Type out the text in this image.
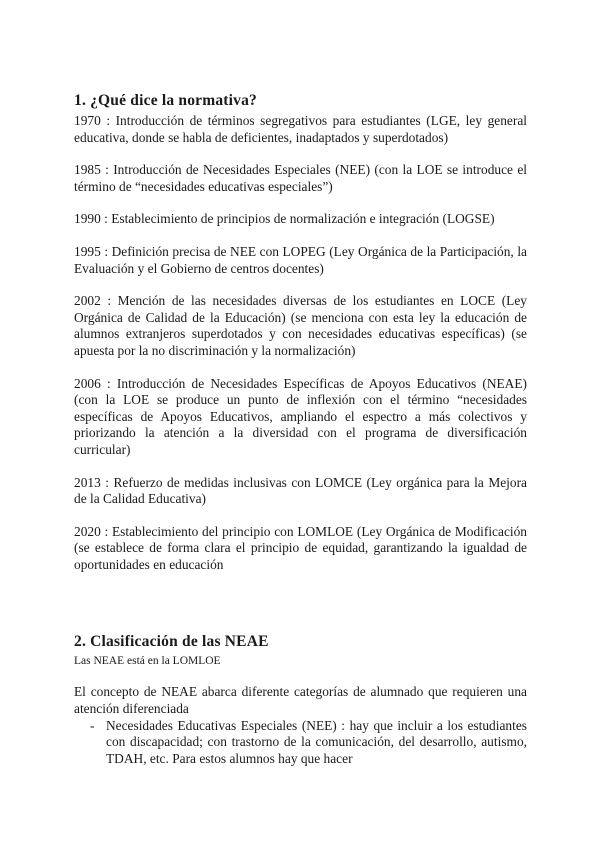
1. ¿Qué dice la normativa?

1970 : Introducción de términos segregativos para estudiantes (LGE, ley general educativa, donde se habla de deficientes, inadaptados y superdotados)

1985 : Introducción de Necesidades Especiales (NEE) (con la LOE se introduce el término de “necesidades educativas especiales”)

1990 : Establecimiento de principios de normalización e integración (LOGSE)

1995 : Definición precisa de NEE con LOPEG (Ley Orgánica de la Participación, la Evaluación y el Gobierno de centros docentes)

2002 : Mención de las necesidades diversas de los estudiantes en LOCE (Ley Orgánica de Calidad de la Educación) (se menciona con esta ley la educación de alumnos extranjeros superdotados y con necesidades educativas específicas) (se apuesta por la no discriminación y la normalización)

2006 : Introducción de Necesidades Específicas de Apoyos Educativos (NEAE) (con la LOE se produce un punto de inflexión con el término “necesidades específicas de Apoyos Educativos, ampliando el espectro a más colectivos y priorizando la atención a la diversidad con el programa de diversificación curricular)

2013 : Refuerzo de medidas inclusivas con LOMCE (Ley orgánica para la Mejora de la Calidad Educativa)

2020 : Establecimiento del principio con LOMLOE (Ley Orgánica de Modificación (se establece de forma clara el principio de equidad, garantizando la igualdad de oportunidades en educación

2. Clasificación de las NEAE

Las NEAE está en la LOMLOE

El concepto de NEAE abarca diferente categorías de alumnado que requieren una atención diferenciada

- Necesidades Educativas Especiales (NEE) : hay que incluir a los estudiantes con discapacidad; con trastorno de la comunicación, del desarrollo, autismo, TDAH, etc. Para estos alumnos hay que hacer
